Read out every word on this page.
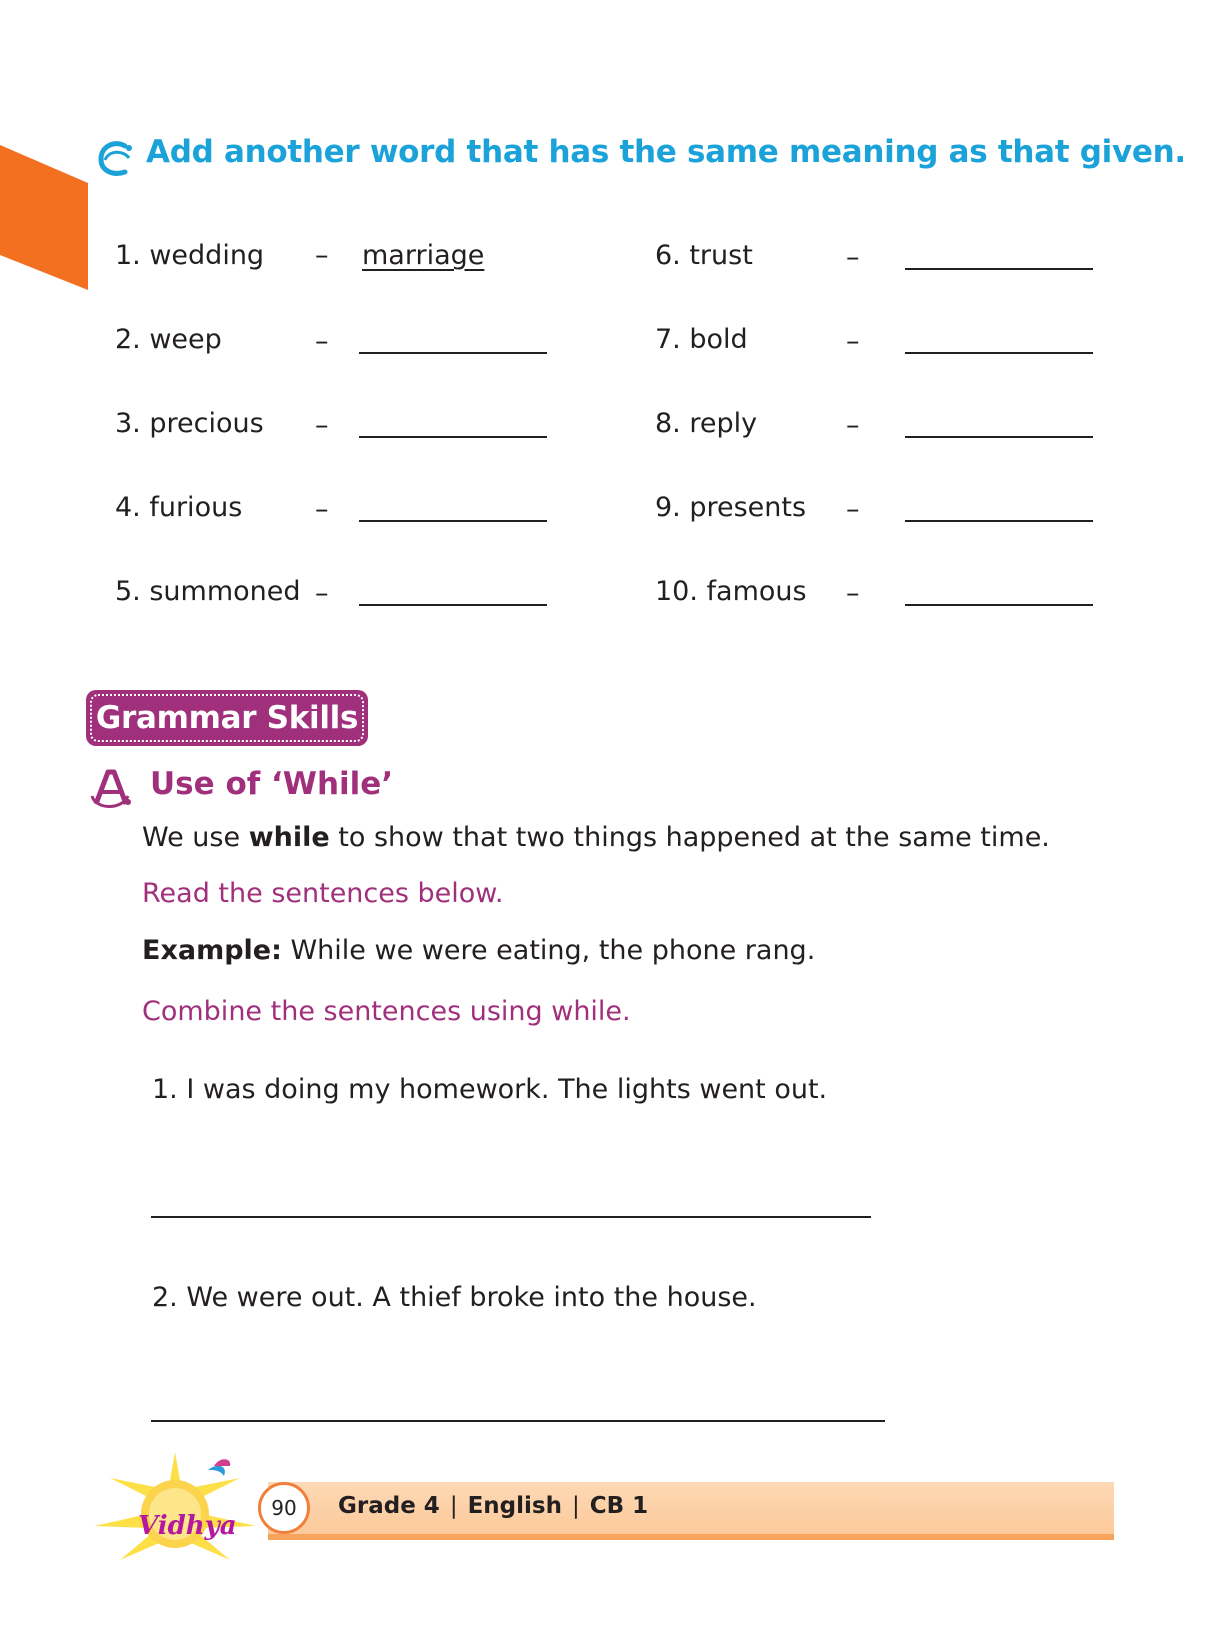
Add another word that has the same meaning as that given.
1. wedding – marriage
2. weep	–
3. precious –
4. furious	–
5. summoned –
6. trust	–
7. bold	–
8. reply	–
9. presents –
10. famous –
Grammar Skills
Use of ‘While’
We use while to show that two things happened at the same time.
Read the sentences below.
Example: While we were eating, the phone rang.
Combine the sentences using while.
1. I was doing my homework. The lights went out.
2. We were out. A thief broke into the house.
Vidhya
90 Grade 4 | English | CB 1
